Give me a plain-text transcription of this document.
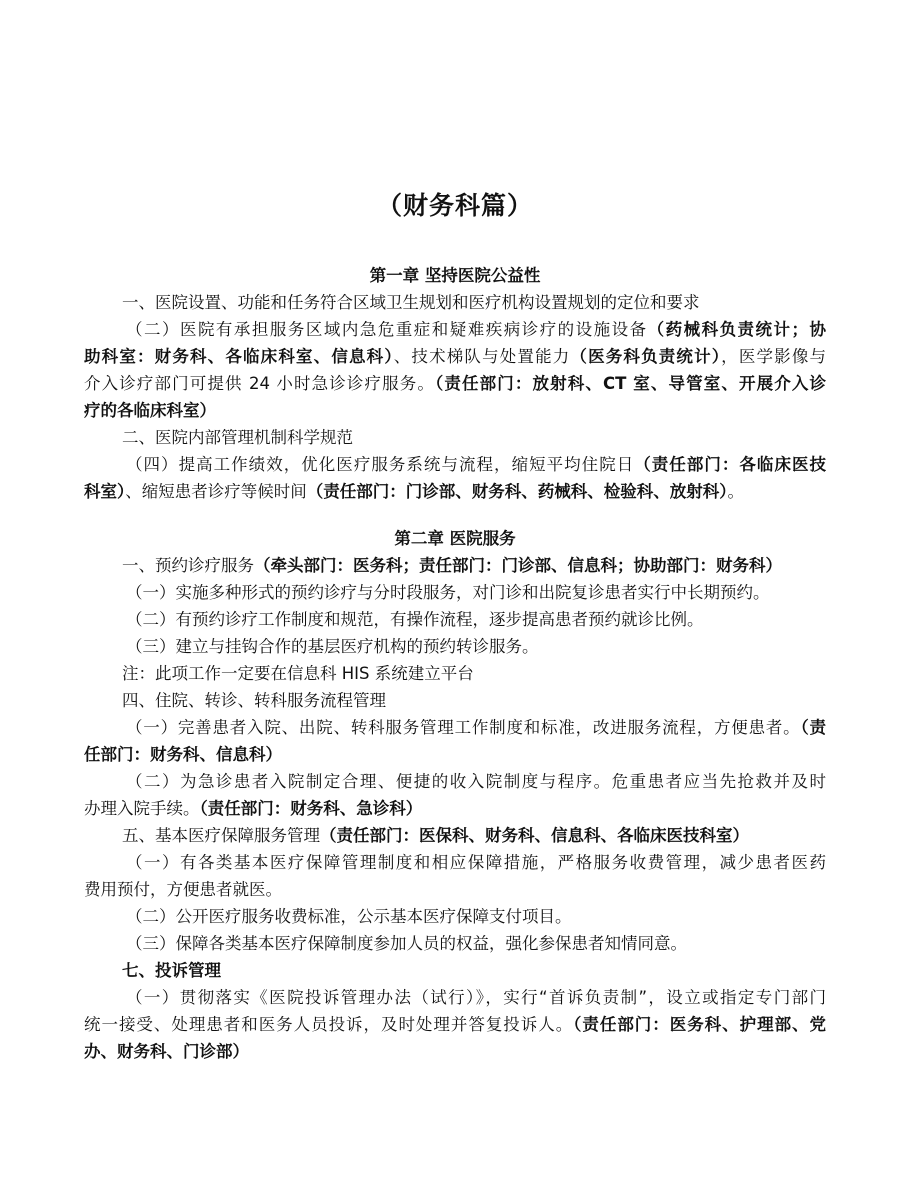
（财务科篇）
第一章 坚持医院公益性
一、医院设置、功能和任务符合区域卫生规划和医疗机构设置规划的定位和要求
（二）医院有承担服务区域内急危重症和疑难疾病诊疗的设施设备（药械科负责统计；协
助科室：财务科、各临床科室、信息科）、技术梯队与处置能力（医务科负责统计），医学影像与
介入诊疗部门可提供 24 小时急诊诊疗服务。（责任部门：放射科、CT 室、导管室、开展介入诊
疗的各临床科室）
二、医院内部管理机制科学规范
（四）提高工作绩效，优化医疗服务系统与流程，缩短平均住院日（责任部门：各临床医技
科室）、缩短患者诊疗等候时间（责任部门：门诊部、财务科、药械科、检验科、放射科）。
第二章 医院服务
一、预约诊疗服务（牵头部门：医务科；责任部门：门诊部、信息科；协助部门：财务科）
（一）实施多种形式的预约诊疗与分时段服务，对门诊和出院复诊患者实行中长期预约。
（二）有预约诊疗工作制度和规范，有操作流程，逐步提高患者预约就诊比例。
（三）建立与挂钩合作的基层医疗机构的预约转诊服务。
注：此项工作一定要在信息科 HIS 系统建立平台
四、住院、转诊、转科服务流程管理
（一）完善患者入院、出院、转科服务管理工作制度和标准，改进服务流程，方便患者。（责
任部门：财务科、信息科）
（二）为急诊患者入院制定合理、便捷的收入院制度与程序。危重患者应当先抢救并及时
办理入院手续。（责任部门：财务科、急诊科）
五、基本医疗保障服务管理（责任部门：医保科、财务科、信息科、各临床医技科室）
（一）有各类基本医疗保障管理制度和相应保障措施，严格服务收费管理，减少患者医药
费用预付，方便患者就医。
（二）公开医疗服务收费标准，公示基本医疗保障支付项目。
（三）保障各类基本医疗保障制度参加人员的权益，强化参保患者知情同意。
七、投诉管理
（一）贯彻落实《医院投诉管理办法（试行）》，实行“首诉负责制”，设立或指定专门部门
统一接受、处理患者和医务人员投诉，及时处理并答复投诉人。（责任部门：医务科、护理部、党
办、财务科、门诊部）
